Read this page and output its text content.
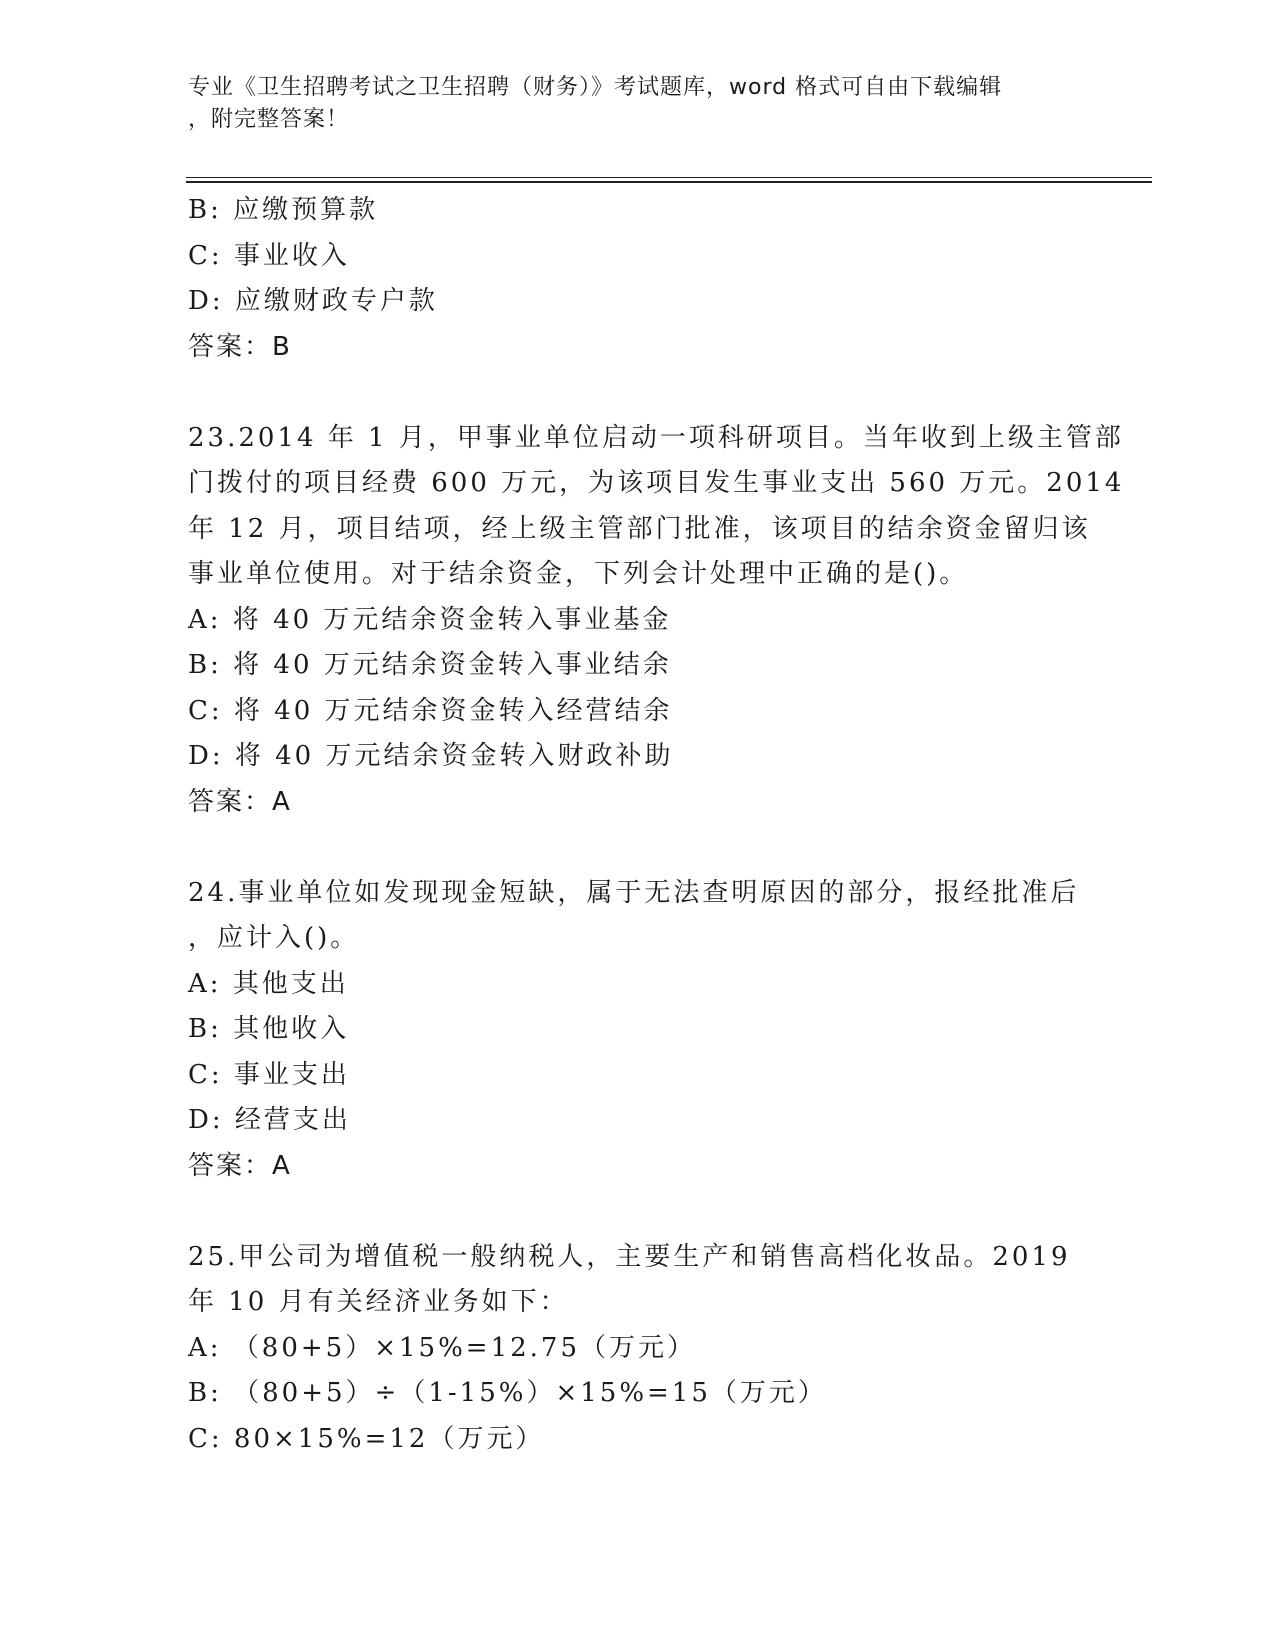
专业《卫生招聘考试之卫生招聘（财务）》考试题库，word 格式可自由下载编辑
，附完整答案！
B: 应缴预算款
C: 事业收入
D: 应缴财政专户款
答案：B
23.2014 年 1 月，甲事业单位启动一项科研项目。当年收到上级主管部
门拨付的项目经费 600 万元，为该项目发生事业支出 560 万元。2014
年 12 月，项目结项，经上级主管部门批准，该项目的结余资金留归该
事业单位使用。对于结余资金，下列会计处理中正确的是()。
A: 将 40 万元结余资金转入事业基金
B: 将 40 万元结余资金转入事业结余
C: 将 40 万元结余资金转入经营结余
D: 将 40 万元结余资金转入财政补助
答案：A
24.事业单位如发现现金短缺，属于无法查明原因的部分，报经批准后
，应计入()。
A: 其他支出
B: 其他收入
C: 事业支出
D: 经营支出
答案：A
25.甲公司为增值税一般纳税人，主要生产和销售高档化妆品。2019
年 10 月有关经济业务如下：
A: （80+5）×15%=12.75（万元）
B: （80+5）÷（1-15%）×15%=15（万元）
C: 80×15%=12（万元）
